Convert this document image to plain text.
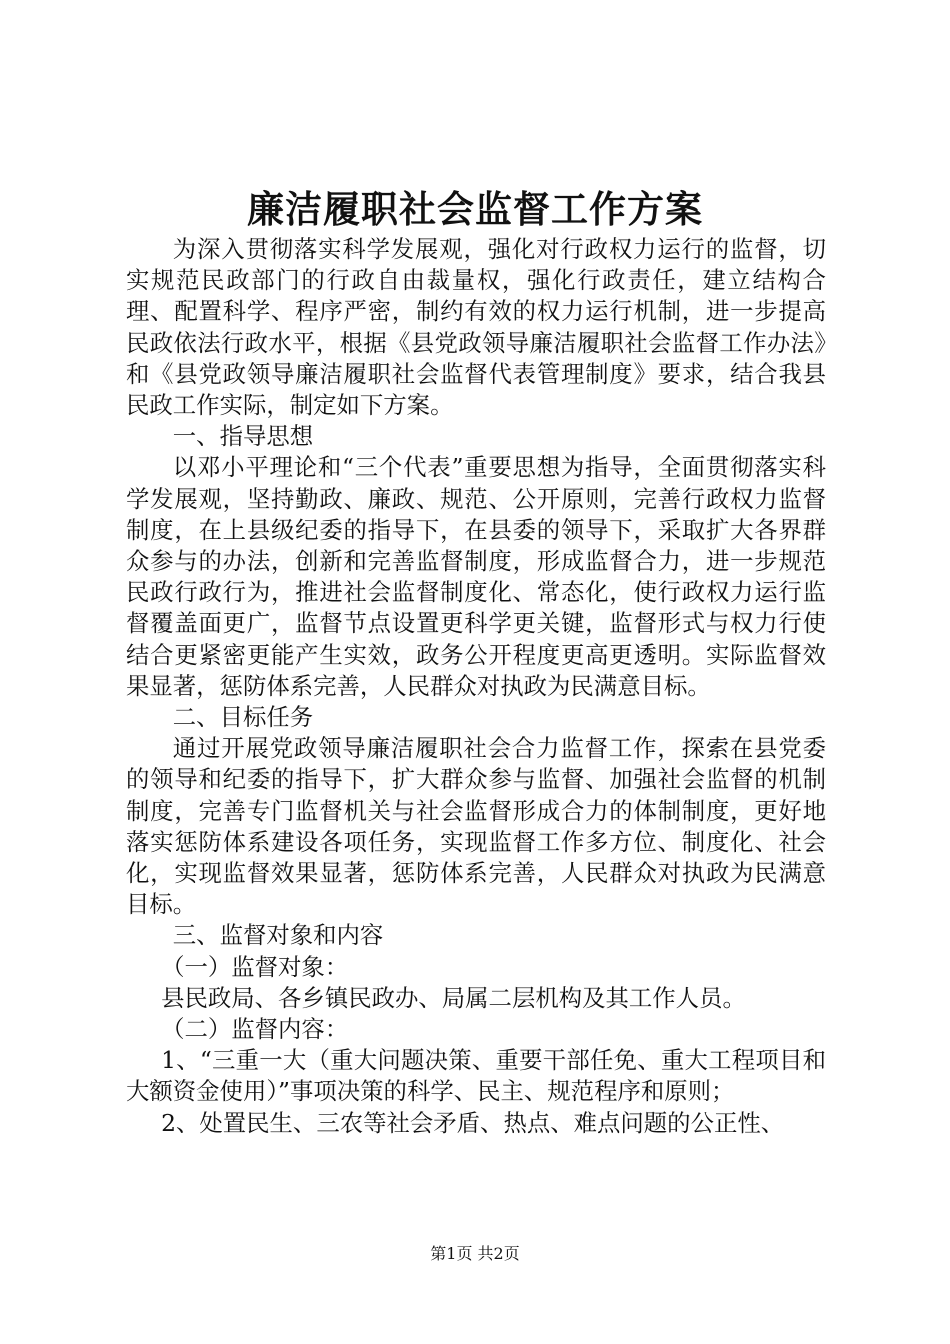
廉洁履职社会监督工作方案

为深入贯彻落实科学发展观，强化对行政权力运行的监督，切实规范民政部门的行政自由裁量权，强化行政责任，建立结构合理、配置科学、程序严密，制约有效的权力运行机制，进一步提高民政依法行政水平，根据《县党政领导廉洁履职社会监督工作办法》和《县党政领导廉洁履职社会监督代表管理制度》要求，结合我县民政工作实际，制定如下方案。

一、指导思想

以邓小平理论和“三个代表”重要思想为指导，全面贯彻落实科学发展观，坚持勤政、廉政、规范、公开原则，完善行政权力监督制度，在上县级纪委的指导下，在县委的领导下，采取扩大各界群众参与的办法，创新和完善监督制度，形成监督合力，进一步规范民政行政行为，推进社会监督制度化、常态化，使行政权力运行监督覆盖面更广，监督节点设置更科学更关键，监督形式与权力行使结合更紧密更能产生实效，政务公开程度更高更透明。实际监督效果显著，惩防体系完善，人民群众对执政为民满意目标。

二、目标任务

通过开展党政领导廉洁履职社会合力监督工作，探索在县党委的领导和纪委的指导下，扩大群众参与监督、加强社会监督的机制制度，完善专门监督机关与社会监督形成合力的体制制度，更好地落实惩防体系建设各项任务，实现监督工作多方位、制度化、社会化，实现监督效果显著，惩防体系完善，人民群众对执政为民满意目标。

三、监督对象和内容

（一）监督对象：

县民政局、各乡镇民政办、局属二层机构及其工作人员。

（二）监督内容：

1、“三重一大（重大问题决策、重要干部任免、重大工程项目和大额资金使用）”事项决策的科学、民主、规范程序和原则；

2、处置民生、三农等社会矛盾、热点、难点问题的公正性、

第1页 共2页
